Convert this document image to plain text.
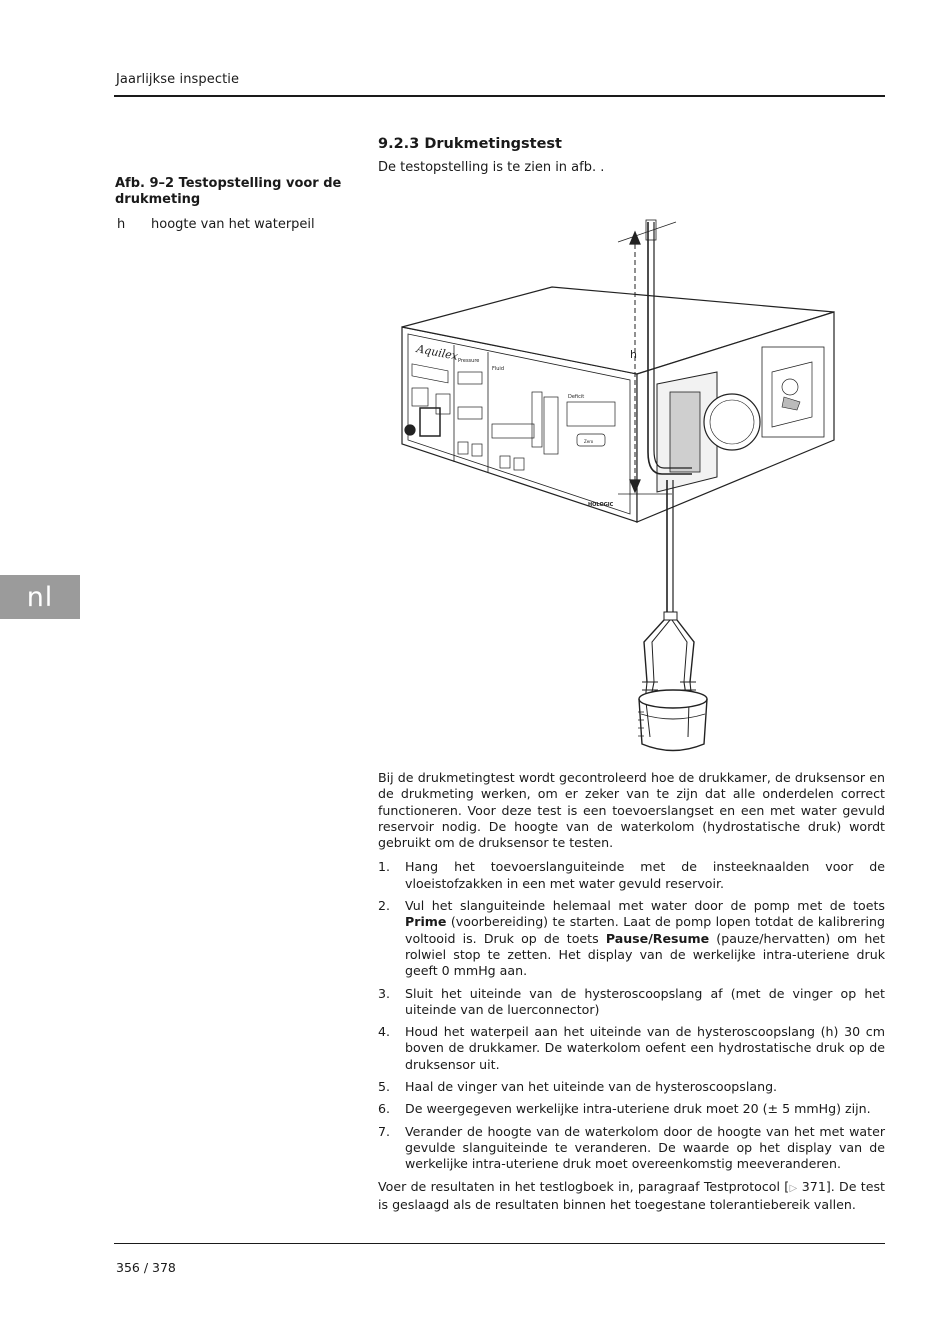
Jaarlijkse inspectie
nl
Afb. 9–2 Testopstelling voor de drukmeting
h	hoogte van het waterpeil
9.2.3 Drukmetingstest
De testopstelling is te zien in afb. .
h
Aquilex Pressure
Fluid
Deficit
Zero
HOLOGIC

Bij de drukmetingtest wordt gecontroleerd hoe de drukkamer, de druksensor en de drukmeting werken, om er zeker van te zijn dat alle onderdelen correct functioneren. Voor deze test is een toevoerslangset en een met water gevuld reservoir nodig. De hoogte van de waterkolom (hydrostatische druk) wordt gebruikt om de druksensor te testen.

1.	Hang het toevoerslanguiteinde met de insteeknaalden voor de vloeistofzakken in een met water gevuld reservoir.
2.	Vul het slanguiteinde helemaal met water door de pomp met de toets Prime (voorbereiding) te starten. Laat de pomp lopen totdat de kalibrering voltooid is. Druk op de toets Pause/Resume (pauze/hervatten) om het rolwiel stop te zetten. Het display van de werkelijke intra-uteriene druk geeft 0 mmHg aan.
3.	Sluit het uiteinde van de hysteroscoopslang af (met de vinger op het uiteinde van de luerconnector)
4.	Houd het waterpeil aan het uiteinde van de hysteroscoopslang (h) 30 cm boven de drukkamer. De waterkolom oefent een hydrostatische druk op de druksensor uit.
5.	Haal de vinger van het uiteinde van de hysteroscoopslang.
6.	De weergegeven werkelijke intra-uteriene druk moet 20 (± 5 mmHg) zijn.
7.	Verander de hoogte van de waterkolom door de hoogte van het met water gevulde slanguiteinde te veranderen. De waarde op het display van de werkelijke intra-uteriene druk moet overeenkomstig meeveranderen.

Voer de resultaten in het testlogboek in, paragraaf Testprotocol [▷ 371]. De test is geslaagd als de resultaten binnen het toegestane tolerantiebereik vallen.

356 / 378
